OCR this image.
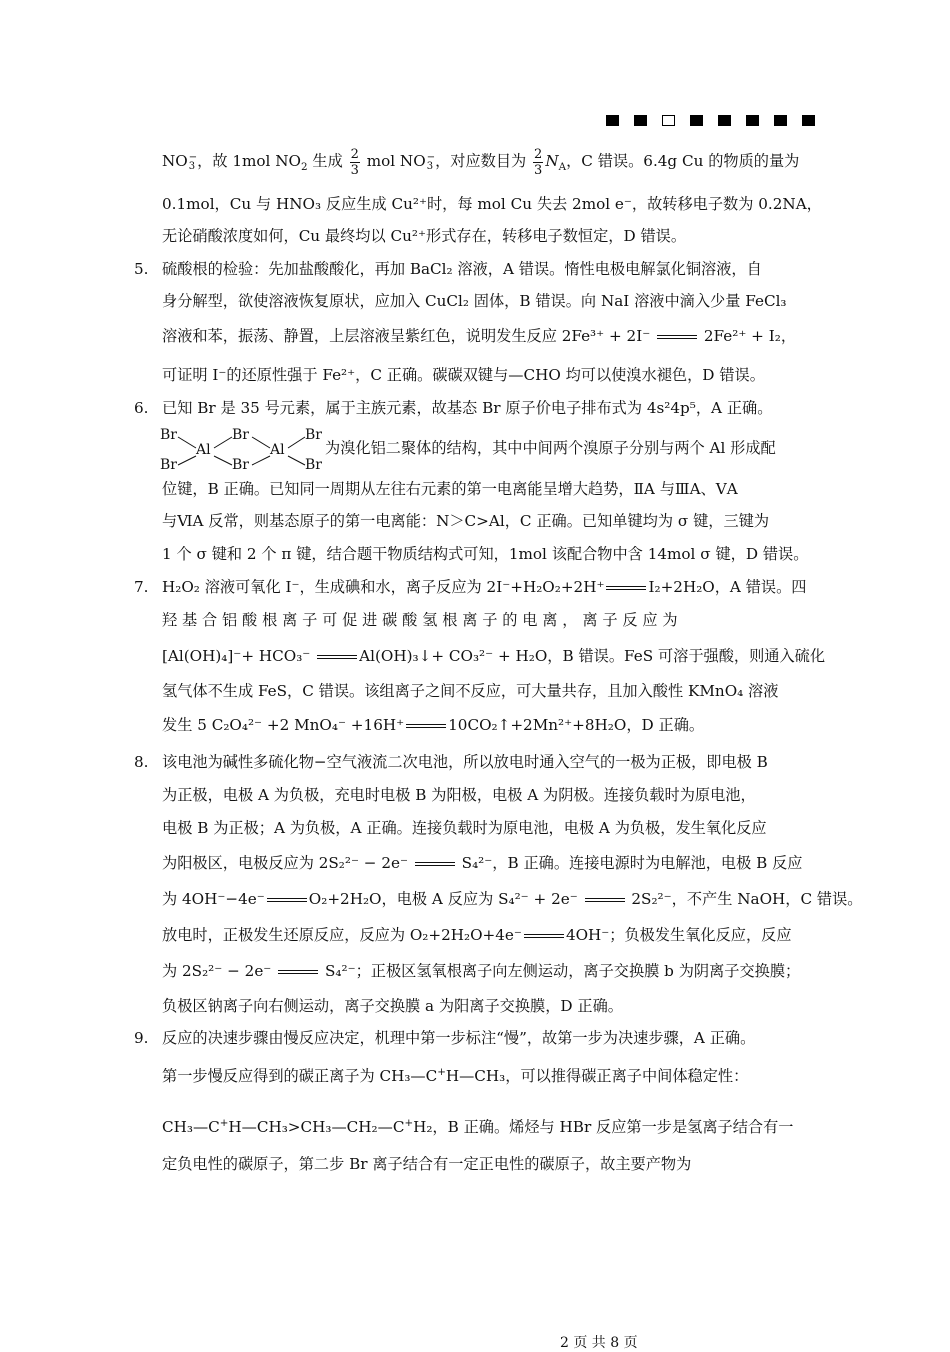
NO −
3 ，故 1mol $NO_2$ 生成 $\frac{2}{3}$ mol NO −
3 ，对应数目为 $\frac{2}{3} N_A$，C 错误。6.4g Cu 的物质的量为
0.1mol，Cu 与 HNO₃ 反应生成 Cu²⁺时，每 mol Cu 失去 2mol e⁻，故转移电子数为 0.2NA，
无论硝酸浓度如何，Cu 最终均以 Cu²⁺形式存在，转移电子数恒定，D 错误。
5. 硫酸根的检验：先加盐酸酸化，再加 BaCl₂ 溶液，A 错误。惰性电极电解氯化铜溶液，自
身分解型，欲使溶液恢复原状，应加入 CuCl₂ 固体，B 错误。向 NaI 溶液中滴入少量 FeCl₃
溶液和苯，振荡、静置，上层溶液呈紫红色，说明发生反应 2Fe³⁺ + 2I⁻	2Fe²⁺ + I₂，
可证明 I⁻的还原性强于 Fe²⁺，C 正确。碳碳双键与—CHO 均可以使溴水褪色，D 错误。
6. 已知 Br 是 35 号元素，属于主族元素，故基态 Br 原子价电子排布式为 4s²4p⁵，A 正确。
Br
Br
Al
Br
Br
Al
Br
Br
为溴化铝二聚体的结构，其中中间两个溴原子分别与两个 Al 形成配
位键，B 正确。已知同一周期从左往右元素的第一电离能呈增大趋势，ⅡA 与ⅢA、ⅤA
与ⅥA 反常，则基态原子的第一电离能：N＞C>Al，C 正确。已知单键均为 σ 键，三键为
1 个 σ 键和 2 个 π 键，结合题干物质结构式可知，1mol 该配合物中含 14mol σ 键，D 错误。
7. H₂O₂ 溶液可氧化 I⁻，生成碘和水，离子反应为 2I⁻+H₂O₂+2H⁺	I₂+2H₂O，A 错误。四
羟 基 合 铝 酸 根 离 子 可 促 进 碳 酸 氢 根 离 子 的 电 离 ， 离 子 反 应 为
[Al(OH)₄]⁻+ HCO₃⁻	Al(OH)₃↓+ CO₃²⁻ + H₂O，B 错误。FeS 可溶于强酸，则通入硫化
氢气体不生成 FeS，C 错误。该组离子之间不反应，可大量共存，且加入酸性 KMnO₄ 溶液
发生 5 C₂O₄²⁻ +2 MnO₄⁻ +16H⁺	10CO₂↑+2Mn²⁺+8H₂O，D 正确。
8. 该电池为碱性多硫化物−空气液流二次电池，所以放电时通入空气的一极为正极，即电极 B
为正极，电极 A 为负极，充电时电极 B 为阳极，电极 A 为阴极。连接负载时为原电池，
电极 B 为正极；A 为负极，A 正确。连接负载时为原电池，电极 A 为负极，发生氧化反应
为阳极区，电极反应为 2S₂²⁻ − 2e⁻	S₄²⁻，B 正确。连接电源时为电解池，电极 B 反应
为 4OH⁻−4e⁻	O₂+2H₂O，电极 A 反应为 S₄²⁻ + 2e⁻	2S₂²⁻，不产生 NaOH，C 错误。
放电时，正极发生还原反应，反应为 O₂+2H₂O+4e⁻	4OH⁻；负极发生氧化反应，反应
为 2S₂²⁻ − 2e⁻	S₄²⁻；正极区氢氧根离子向左侧运动，离子交换膜 b 为阴离子交换膜；
负极区钠离子向右侧运动，离子交换膜 a 为阳离子交换膜，D 正确。
9. 反应的决速步骤由慢反应决定，机理中第一步标注“慢”，故第一步为决速步骤，A 正确。
第一步慢反应得到的碳正离子为 CH₃—C+H—CH₃，可以推得碳正离子中间体稳定性：
CH₃—C+H—CH₃>CH₃—CH₂—C+H₂，B 正确。烯烃与 HBr 反应第一步是氢离子结合有一
定负电性的碳原子，第二步 Br 离子结合有一定正电性的碳原子，故主要产物为
2 页 共 8 页
